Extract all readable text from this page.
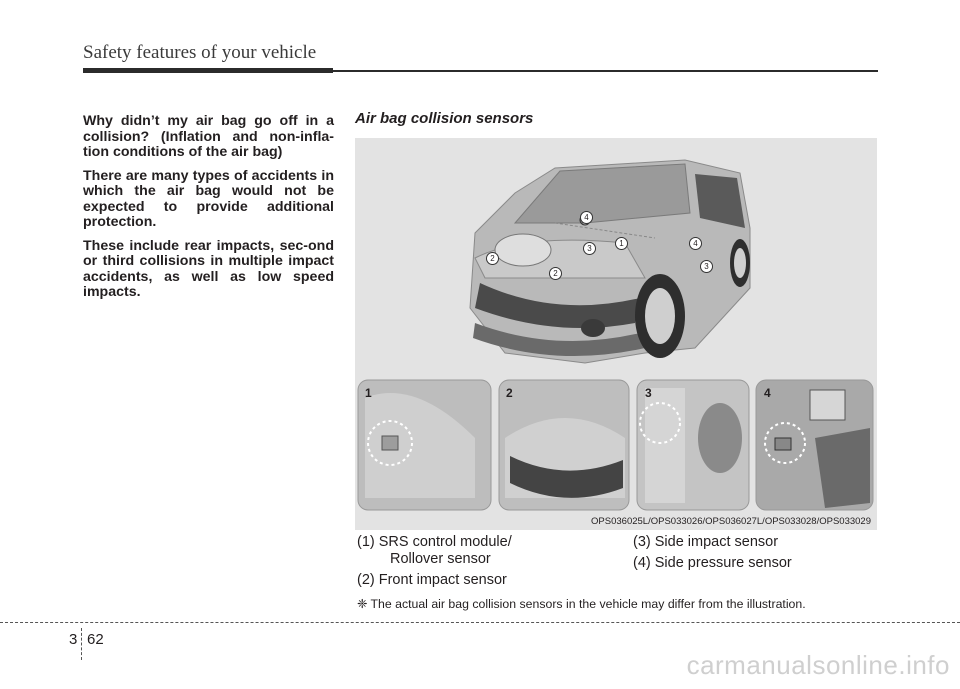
Safety features of your vehicle

Why didn’t my air bag go off in a collision? (Inflation and non-infla-tion conditions of the air bag)

There are many types of accidents in which the air bag would not be expected to provide additional protection.

These include rear impacts, sec-ond or third collisions in multiple impact accidents, as well as low speed impacts.

Air bag collision sensors
4
3
1	4
2
2
3
1	2	3	4
OPS036025L/OPS033026/OPS036027L/OPS033028/OPS033029
(1) SRS control module/
Rollover sensor
(2) Front impact sensor
(3) Side impact sensor
(4) Side pressure sensor
❈ The actual air bag collision sensors in the vehicle may differ from the illustration.
3 62
carmanualsonline.info
